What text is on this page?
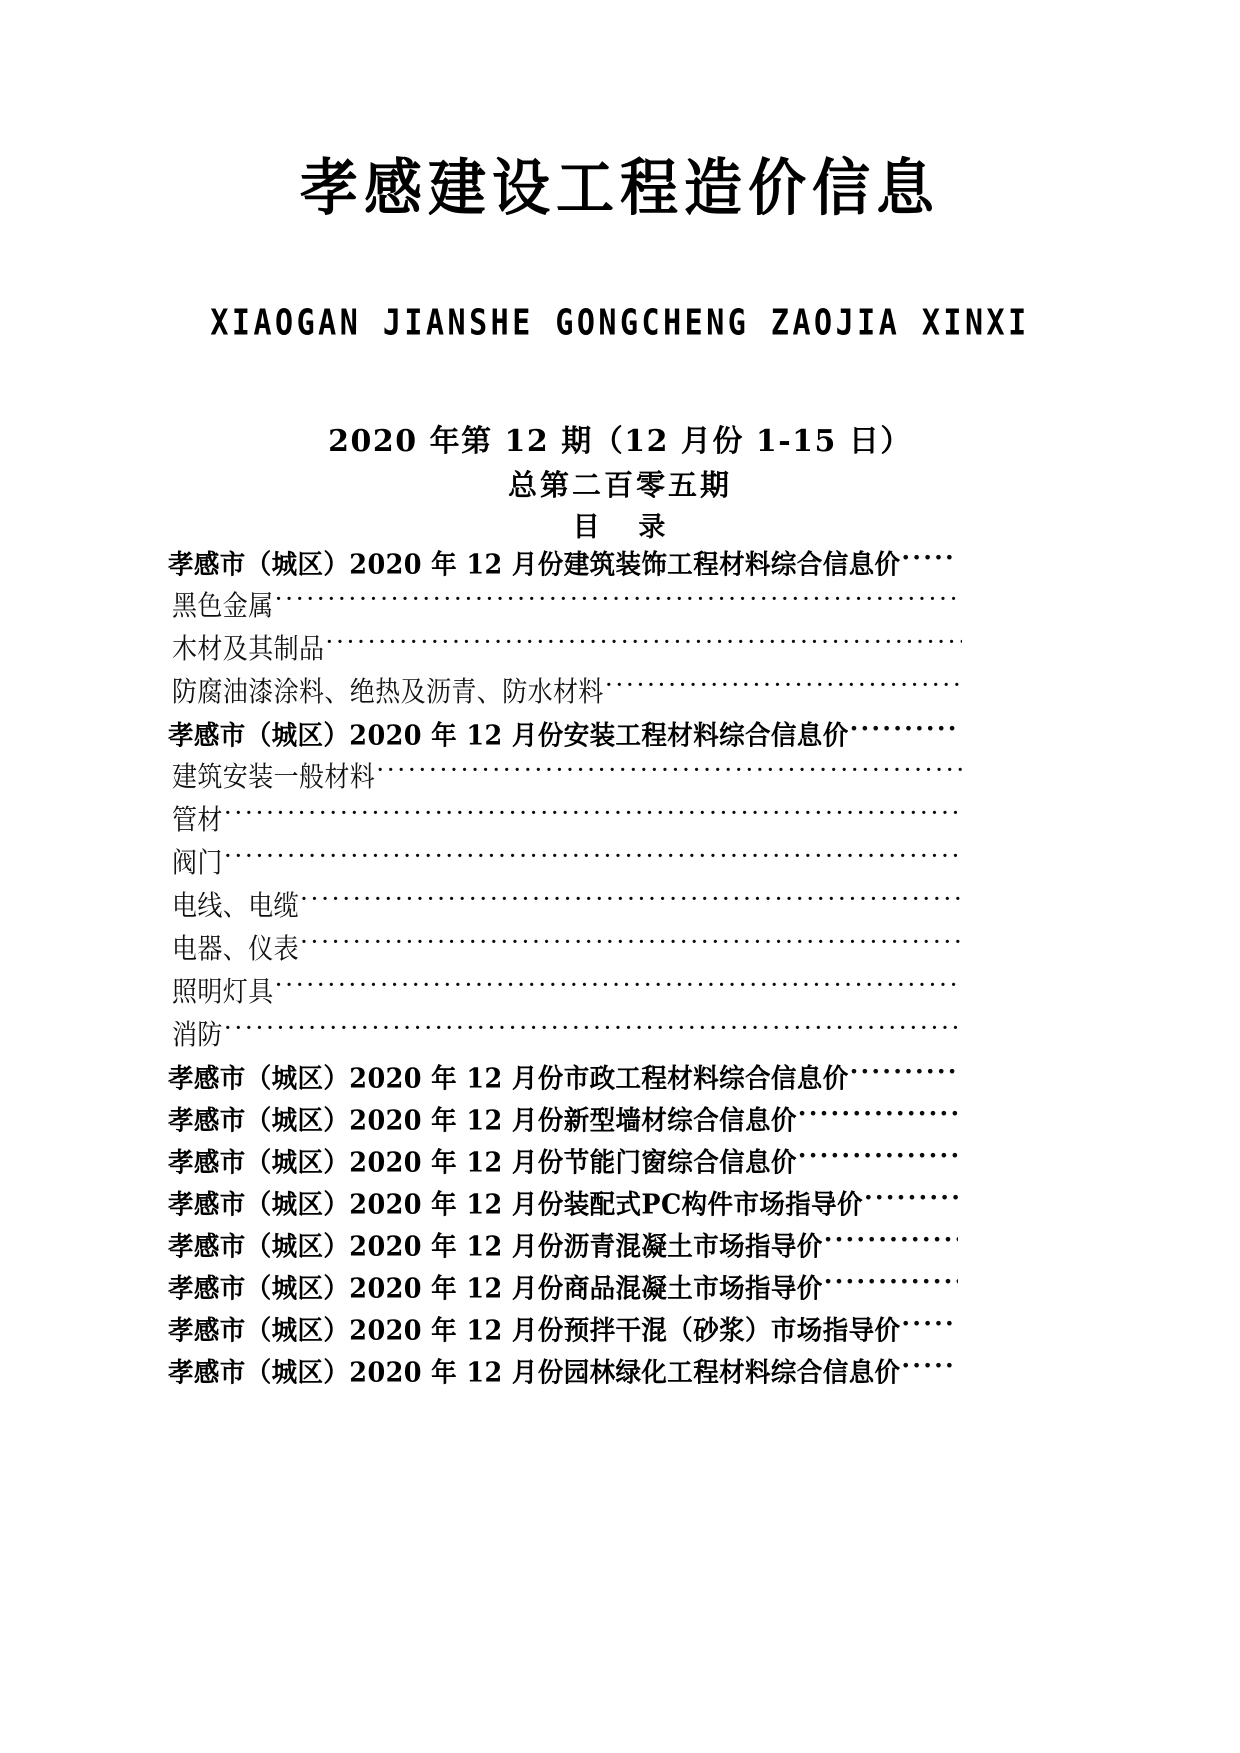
孝感建设工程造价信息
XIAOGAN JIANSHE GONGCHENG ZAOJIA XINXI
2020 年第 12 期（12 月份 1-15 日）
总第二百零五期
目 录
孝感市（城区）2020 年 12 月份建筑装饰工程材料综合信息价
·····
黑色金属
·····
木材及其制品
·····
防腐油漆涂料、绝热及沥青、防水材料
·····
孝感市（城区）2020 年 12 月份安装工程材料综合信息价
·····
建筑安装一般材料
·····
管材
·····
阀门
·····
电线、电缆
·····
电器、仪表
·····
照明灯具
·····
消防
·····
孝感市（城区）2020 年 12 月份市政工程材料综合信息价
·····
孝感市（城区）2020 年 12 月份新型墙材综合信息价
·····
孝感市（城区）2020 年 12 月份节能门窗综合信息价
·····
孝感市（城区）2020 年 12 月份装配式PC构件市场指导价
·····
孝感市（城区）2020 年 12 月份沥青混凝土市场指导价
·····
孝感市（城区）2020 年 12 月份商品混凝土市场指导价
·····
孝感市（城区）2020 年 12 月份预拌干混（砂浆）市场指导价
·····
孝感市（城区）2020 年 12 月份园林绿化工程材料综合信息价
·····
